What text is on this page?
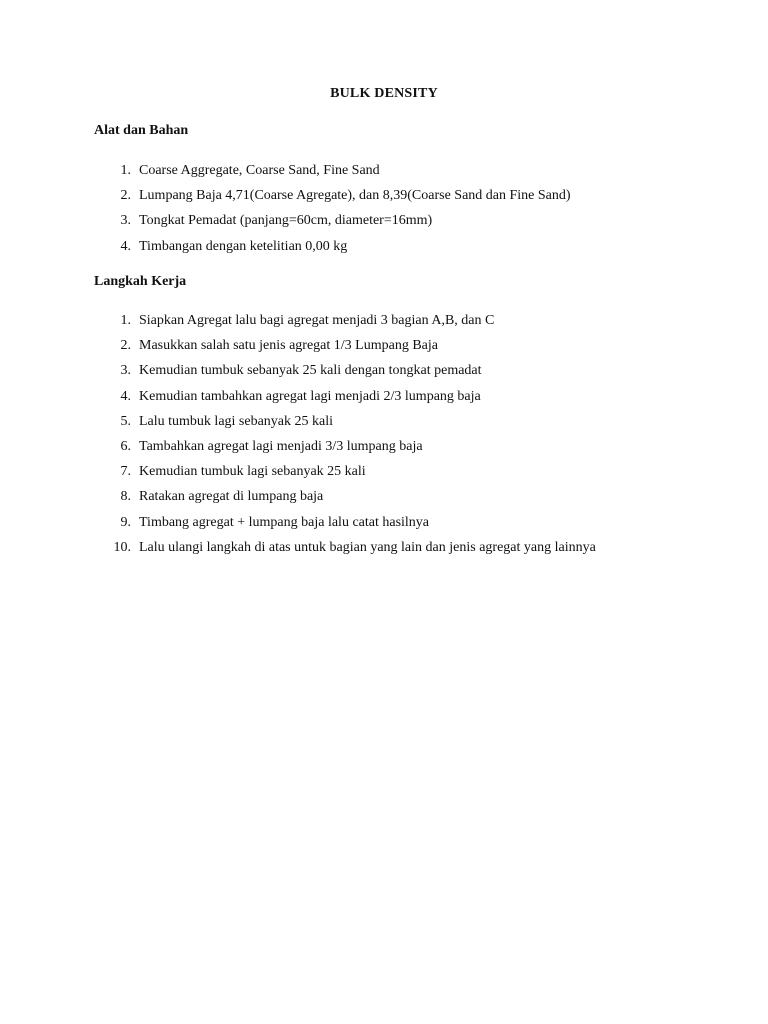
BULK DENSITY
Alat dan Bahan
1. Coarse Aggregate, Coarse Sand, Fine Sand
2. Lumpang Baja 4,71(Coarse Agregate), dan 8,39(Coarse Sand dan Fine Sand)
3. Tongkat Pemadat (panjang=60cm, diameter=16mm)
4. Timbangan dengan ketelitian 0,00 kg
Langkah Kerja
1. Siapkan Agregat lalu bagi agregat menjadi 3 bagian A,B, dan C
2. Masukkan salah satu jenis agregat 1/3 Lumpang Baja
3. Kemudian tumbuk sebanyak 25 kali dengan tongkat pemadat
4. Kemudian tambahkan agregat lagi menjadi 2/3 lumpang baja
5. Lalu tumbuk lagi sebanyak 25 kali
6. Tambahkan agregat lagi menjadi 3/3 lumpang baja
7. Kemudian tumbuk lagi sebanyak 25 kali
8. Ratakan agregat di lumpang baja
9. Timbang agregat + lumpang baja lalu catat hasilnya
10. Lalu ulangi langkah di atas untuk bagian yang lain dan jenis agregat yang lainnya
